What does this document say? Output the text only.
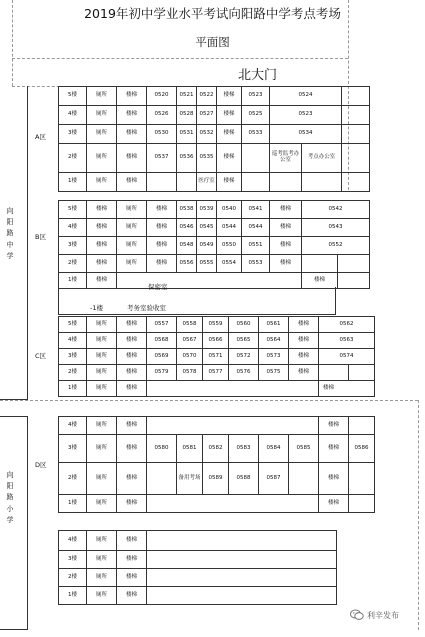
2019年初中学业水平考试向阳路中学考点考场
平面图
北大门
向阳路中学
向阳路小学
A区
B区
C区
D区
5楼	厕所	楼梯	0520	0521	0522	楼梯	0523	0524		
4楼	厕所	楼梯	0526	0528	0527	楼梯	0525	0523		
3楼	厕所	楼梯	0530	0531	0532	楼梯	0533	0534		
2楼	厕所	楼梯	0537	0536	0535	楼梯		巡考监考办公室	考点办公室	
1楼	厕所	楼梯			医疗室	楼梯				
5楼	楼梯	厕所	楼梯	0538	0539	0540	0541	楼梯	0542	
4楼	楼梯	厕所	楼梯	0546	0545	0544	0544	楼梯	0543	
3楼	楼梯	厕所	楼梯	0548	0549	0550	0551	楼梯	0552	
2楼	楼梯	厕所	楼梯	0556	0555	0554	0553	楼梯		
1楼	楼梯								楼梯	
保密室
-1楼	考务室验收室
5楼	厕所	楼梯	0557	0558	0559	0560	0561	楼梯	0562	
4楼	厕所	楼梯	0568	0567	0566	0565	0564	楼梯	0563	
3楼	厕所	楼梯	0569	0570	0571	0572	0573	楼梯	0574	
2楼	厕所	楼梯	0579	0578	0577	0576	0575	楼梯		
1楼	厕所	楼梯							楼梯	
4楼	厕所	楼梯							楼梯	
3楼	厕所	楼梯	0580	0581	0582	0583	0584	0585	楼梯	0586
2楼	厕所	楼梯		备用考场	0589	0588	0587		楼梯	
1楼	厕所	楼梯							楼梯	
4楼	厕所	楼梯	
3楼	厕所	楼梯	
2楼	厕所	楼梯	
1楼	厕所	楼梯	
利辛发布
